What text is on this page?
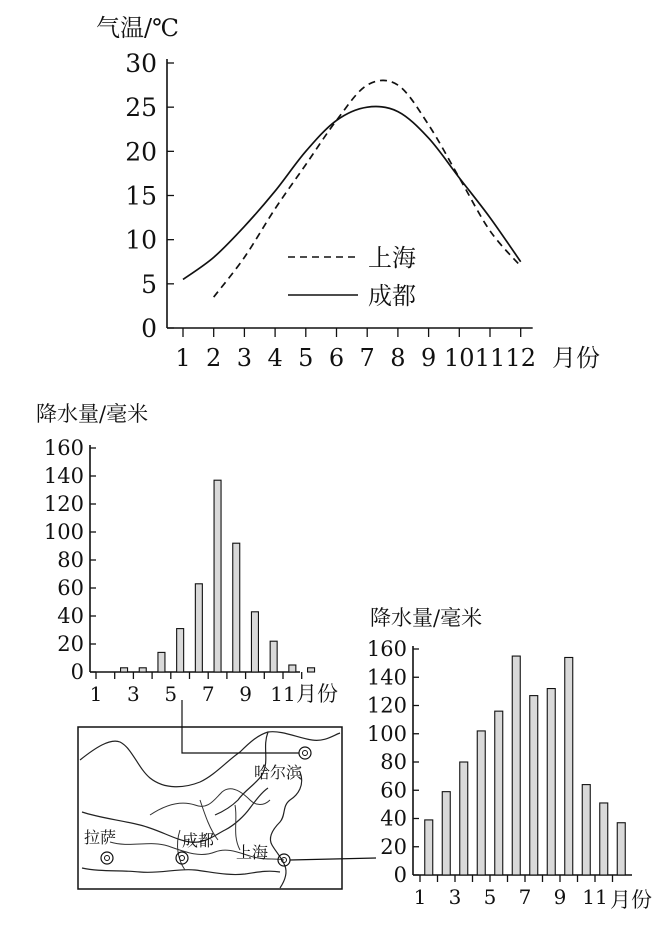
气温/℃
月份
0
5
10
15
20
25
30
1 2 3 4 5 6 7 8 9 10 11 12
上海
成都
降水量/毫米
月份
0
20
40
60
80
100
120
140
160
1 3 5 7 9 11
降水量/毫米
月份
0
20
40
60
80
100
120
140
160
1 3 5 7 9 11
拉萨	成都
上海
哈尔滨
